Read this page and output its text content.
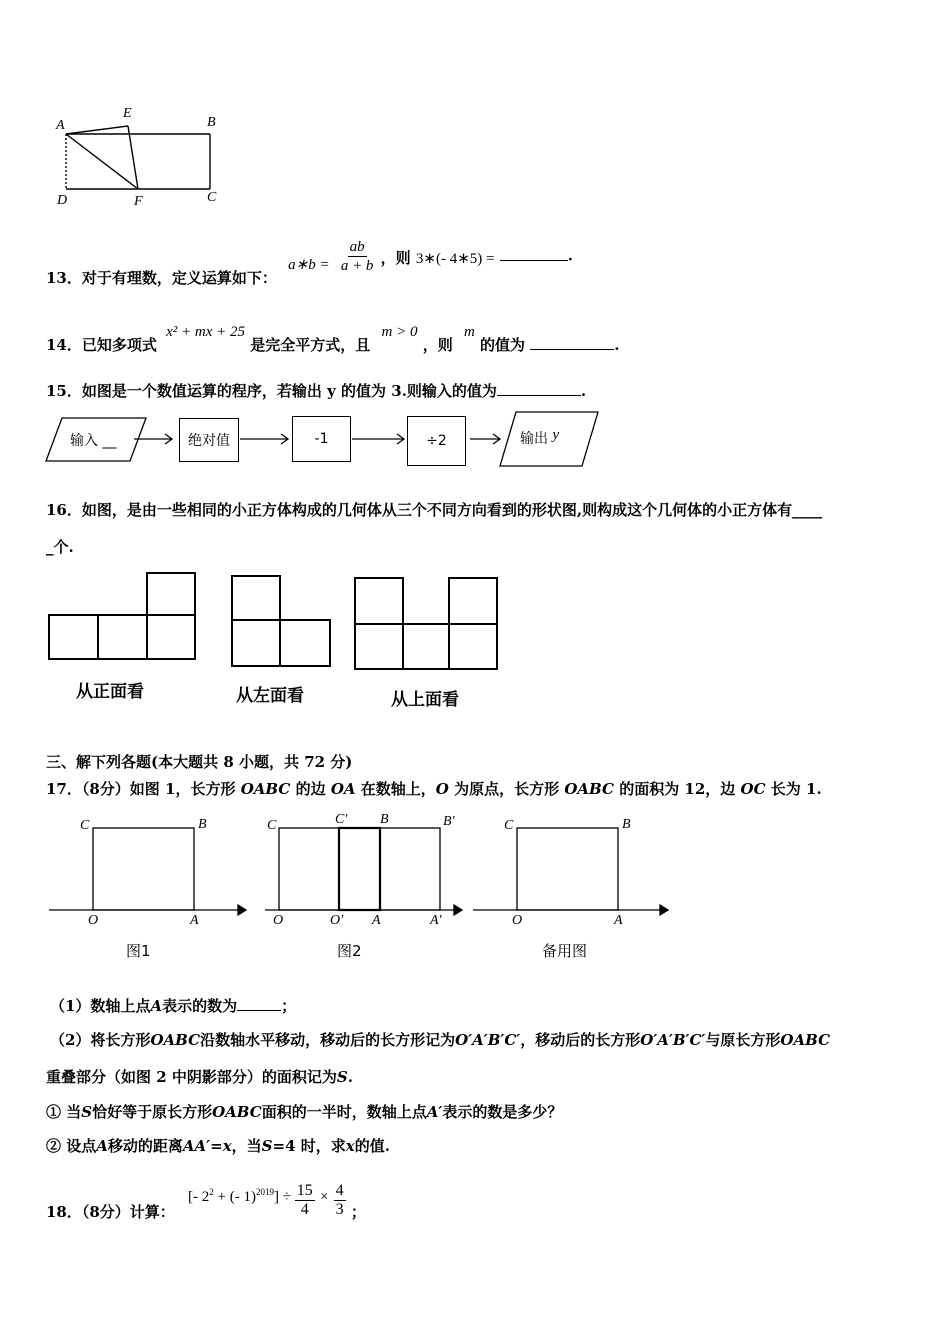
A
E
B
D	F	C
13．对于有理数，定义运算如下： a∗b = $\frac{ab}{a + b}$ ，则 3∗(- 4∗5) =	.
14．已知多项式 x² + mx + 25 是完全平方式，且 m > 0 ，则 m 的值为	.
15．如图是一个数值运算的程序，若输出 y 的值为 3.则输入的值为	.
输入 __	绝对值	-1	÷2	输出 y
16．如图，是由一些相同的小正方体构成的几何体从三个不同方向看到的形状图,则构成这个几何体的小正方体有____
_个.
从正面看	从左面看	从上面看
三、解下列各题(本大题共 8 小题，共 72 分)
17．（8分）如图 1，长方形 OABC 的边 OA 在数轴上，O 为原点，长方形 OABC 的面积为 12，边 OC 长为 1.
C	B
O	A
图1
C	C′ B	B′
O	O′ A	A′
图2
C	B
O	A
备用图
（1）数轴上点A表示的数为	；
（2）将长方形OABC沿数轴水平移动，移动后的长方形记为O′A′B′C′，移动后的长方形O′A′B′C′与原长方形OABC
重叠部分（如图 2 中阴影部分）的面积记为S.
① 当S恰好等于原长方形OABC面积的一半时，数轴上点A′表示的数是多少？
② 设点A移动的距离AA′=x，当S=4 时，求x的值.
18．（8分）计算： [- $2^2$ + (- $1)^{2019}] \div \frac{15}{4} \times \frac{4}{3}$ ；
